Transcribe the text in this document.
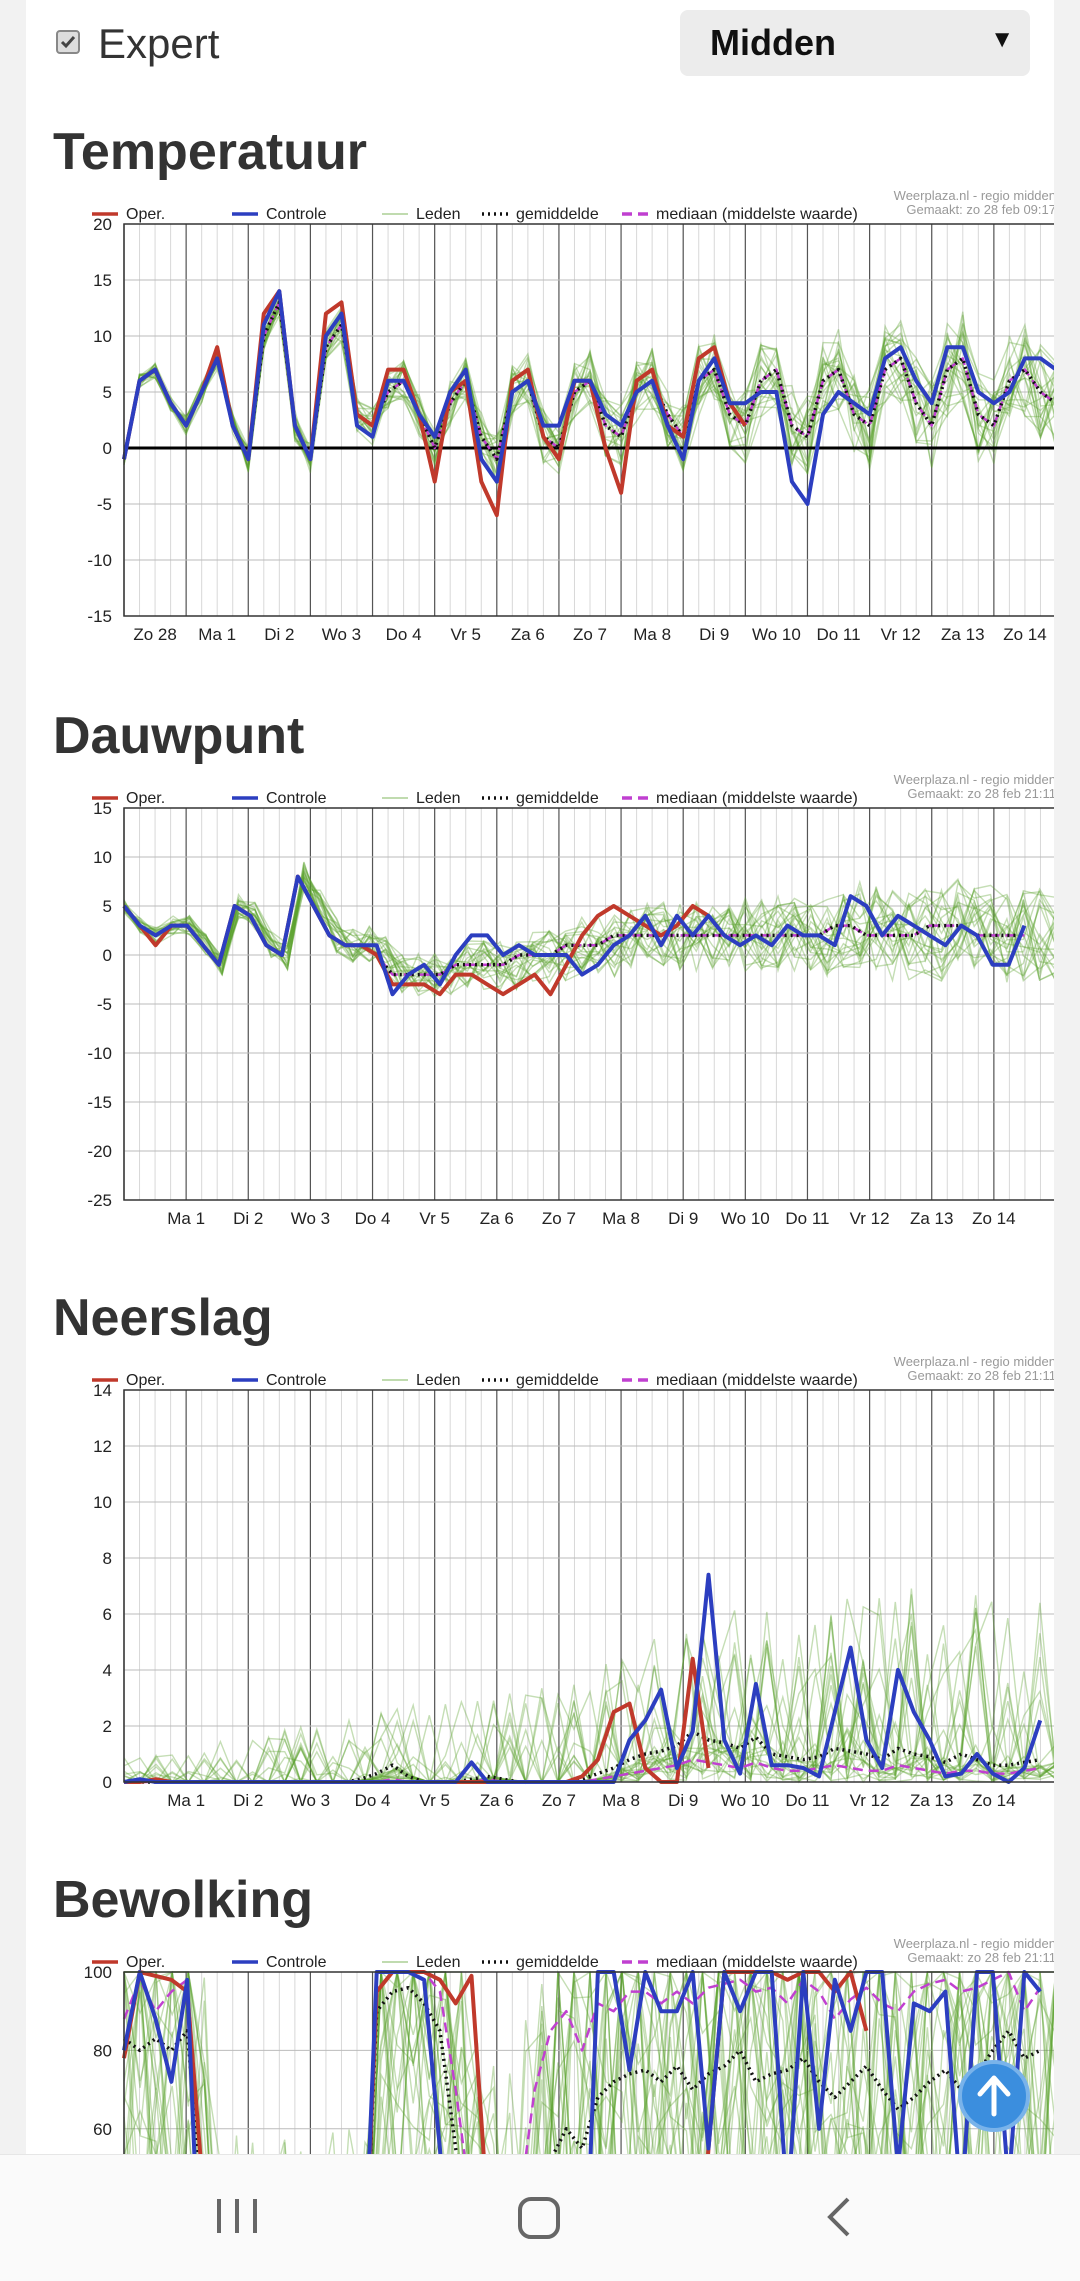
Expert	Midden	▼
Temperatuur
Oper.	Controle	Leden	gemiddelde	mediaan (middelste waarde)
Weerplaza.nl - regio midden
Gemaakt: zo 28 feb 09:17
20
15
10
5
0
-5
-10
-15
Zo 28 Ma 1 Di 2 Wo 3 Do 4 Vr 5 Za 6 Zo 7 Ma 8 Di 9 Wo 10 Do 11 Vr 12 Za 13 Zo 14
Dauwpunt
Oper.	Controle	Leden	gemiddelde	mediaan (middelste waarde)
Weerplaza.nl - regio midden
Gemaakt: zo 28 feb 21:11
15
10
5
0
-5
-10
-15
-20
-25
Ma 1 Di 2 Wo 3 Do 4 Vr 5 Za 6 Zo 7 Ma 8 Di 9 Wo 10 Do 11 Vr 12 Za 13 Zo 14
Neerslag
Oper.	Controle	Leden	gemiddelde	mediaan (middelste waarde)
Weerplaza.nl - regio midden
Gemaakt: zo 28 feb 21:11
14
12
10
8
6
4
2
0
Ma 1 Di 2 Wo 3 Do 4 Vr 5 Za 6 Zo 7 Ma 8 Di 9 Wo 10 Do 11 Vr 12 Za 13 Zo 14
Bewolking
Oper.	Controle	Leden	gemiddelde	mediaan (middelste waarde)
Weerplaza.nl - regio midden
Gemaakt: zo 28 feb 21:11
100
80
60
